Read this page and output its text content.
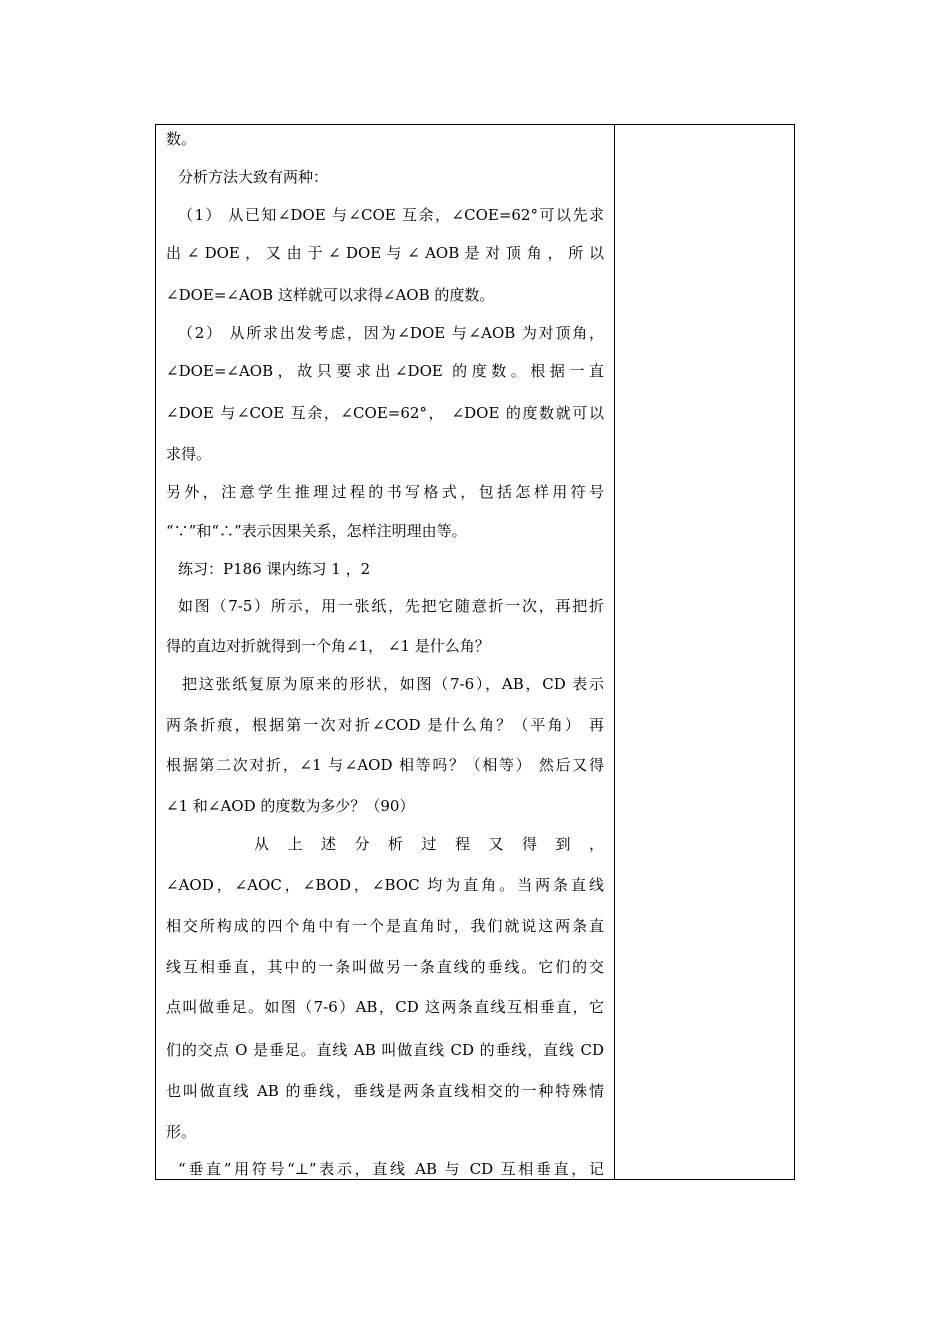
数。
分析方法大致有两种：
（1） 从已知∠DOE 与∠COE 互余，∠COE=62°可以先求
出 ∠ DOE ， 又 由 于 ∠ DOE 与 ∠ AOB 是 对 顶 角 ， 所 以
∠DOE=∠AOB 这样就可以求得∠AOB 的度数。
（2） 从所求出发考虑，因为∠DOE 与∠AOB 为对顶角，
∠DOE=∠AOB，故只要求出∠DOE 的度数。根据一直
∠DOE 与∠COE 互余，∠COE=62°， ∠DOE 的度数就可以
求得。
另外，注意学生推理过程的书写格式，包括怎样用符号
“∵”和“∴”表示因果关系，怎样注明理由等。
练习：P186 课内练习 1 ，2
如图（7-5）所示，用一张纸，先把它随意折一次，再把折
得的直边对折就得到一个角∠1， ∠1 是什么角？
把这张纸复原为原来的形状，如图（7-6），AB，CD 表示
两条折痕，根据第一次对折∠COD 是什么角？（平角） 再
根据第二次对折，∠1 与∠AOD 相等吗？（相等） 然后又得
∠1 和∠AOD 的度数为多少？（90）
从 上 述 分 析 过 程 又 得 到 ，
∠AOD，∠AOC，∠BOD，∠BOC 均为直角。当两条直线
相交所构成的四个角中有一个是直角时，我们就说这两条直
线互相垂直，其中的一条叫做另一条直线的垂线。它们的交
点叫做垂足。如图（7-6）AB，CD 这两条直线互相垂直，它
们的交点 O 是垂足。直线 AB 叫做直线 CD 的垂线，直线 CD
也叫做直线 AB 的垂线，垂线是两条直线相交的一种特殊情
形。
“垂直”用符号“⊥”表示，直线 AB 与 CD 互相垂直，记
